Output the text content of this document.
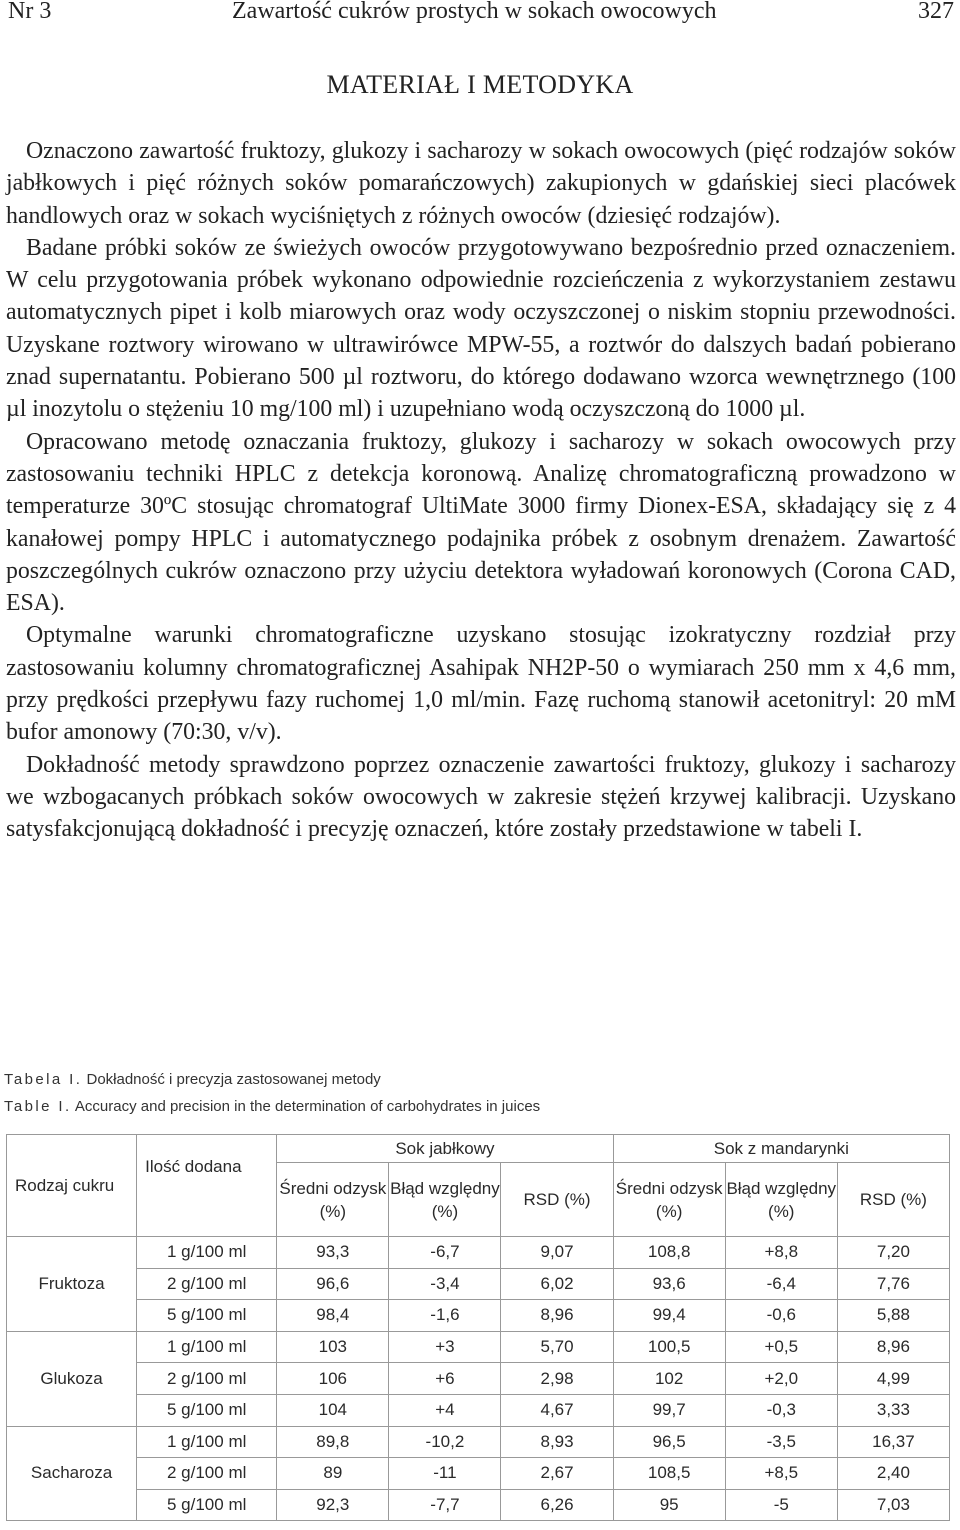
Nr 3	Zawartość cukrów prostych w sokach owocowych	327
MATERIAŁ I METODYKA

Oznaczono zawartość fruktozy, glukozy i sacharozy w sokach owocowych (pięć rodzajów soków jabłkowych i pięć różnych soków pomarańczowych) zakupionych w gdańskiej sieci placówek handlowych oraz w sokach wyciśniętych z różnych owoców (dziesięć rodzajów).

Badane próbki soków ze świeżych owoców przygotowywano bezpośrednio przed oznaczeniem. W celu przygotowania próbek wykonano odpowiednie rozcieńczenia z wykorzystaniem zestawu automatycznych pipet i kolb miarowych oraz wody oczyszczonej o niskim stopniu przewodności. Uzyskane roztwory wirowano w ultrawirówce MPW-55, a roztwór do dalszych badań pobierano znad supernatantu. Pobierano 500 µl roztworu, do którego dodawano wzorca wewnętrznego (100 µl inozytolu o stężeniu 10 mg/100 ml) i uzupełniano wodą oczyszczoną do 1000 µl.

Opracowano metodę oznaczania fruktozy, glukozy i sacharozy w sokach owocowych przy zastosowaniu techniki HPLC z detekcja koronową. Analizę chromatograficzną prowadzono w temperaturze 30ºC stosując chromatograf UltiMate 3000 firmy Dionex-ESA, składający się z 4 kanałowej pompy HPLC i automatycznego podajnika próbek z osobnym drenażem. Zawartość poszczególnych cukrów oznaczono przy użyciu detektora wyładowań koronowych (Corona CAD, ESA).

Optymalne warunki chromatograficzne uzyskano stosując izokratyczny rozdział przy zastosowaniu kolumny chromatograficznej Asahipak NH2P-50 o wymiarach 250 mm x 4,6 mm, przy prędkości przepływu fazy ruchomej 1,0 ml/min. Fazę ruchomą stanowił acetonitryl: 20 mM bufor amonowy (70:30, v/v).

Dokładność metody sprawdzono poprzez oznaczenie zawartości fruktozy, glukozy i sacharozy we wzbogacanych próbkach soków owocowych w zakresie stężeń krzywej kalibracji. Uzyskano satysfakcjonującą dokładność i precyzję oznaczeń, które zostały przedstawione w tabeli I.

Tabela I. Dokładność i precyzja zastosowanej metody
Table I. Accuracy and precision in the determination of carbohydrates in juices
Rodzaj cukru	Ilość dodana	Sok jabłkowy			Sok z mandarynki		
		Średni odzysk (%)	Błąd względny (%)	RSD (%)	Średni odzysk (%)	Błąd względny (%)	RSD (%)
Fruktoza	1 g/100 ml	93,3	-6,7	9,07	108,8	+8,8	7,20
	2 g/100 ml	96,6	-3,4	6,02	93,6	-6,4	7,76
	5 g/100 ml	98,4	-1,6	8,96	99,4	-0,6	5,88
Glukoza	1 g/100 ml	103	+3	5,70	100,5	+0,5	8,96
	2 g/100 ml	106	+6	2,98	102	+2,0	4,99
	5 g/100 ml	104	+4	4,67	99,7	-0,3	3,33
Sacharoza	1 g/100 ml	89,8	-10,2	8,93	96,5	-3,5	16,37
	2 g/100 ml	89	-11	2,67	108,5	+8,5	2,40
	5 g/100 ml	92,3	-7,7	6,26	95	-5	7,03
